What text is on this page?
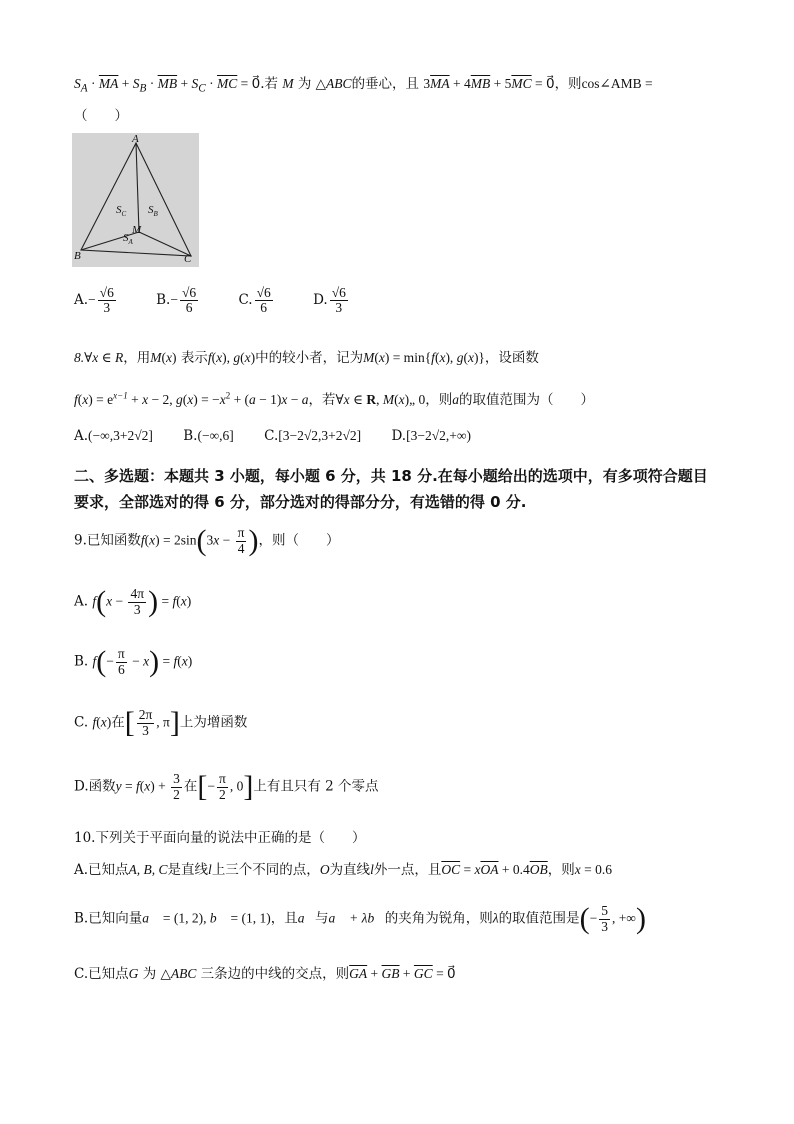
$S_A \cdot \overline{MA} + S_B \cdot \overline{MB} + S_C \cdot \overline{MC}$ = 0⃗.若 M 为 △ABC的垂心，且 $3\overline{MA} + 4\overline{MB} + 5\overline{MC}$ = 0⃗，则cos∠AMB =
（　　）
A
B	C
M
$S_C$ $S_B$
$S_A$
$A.- \frac{√6}{3}$	$B.- \frac{√6}{6}$	C. $\frac{√6}{6}$	D. $\frac{√6}{3}$
8.∀x ∈ R，用M(x) 表示f(x), g(x)中的较小者，记为M(x) = min{f(x), g(x)}，设函数
$f(x) = e^{x-1} + x - 2$, $g(x) = -x^2 + (a - 1)x - a$，若∀x ∈ R, M(x)„ 0，则a的取值范围为（　　）
A.(−∞,3+2√2] B.(−∞,6] C.[3−2√2,3+2√2] D.[3−2√2,+∞)
二、多选题：本题共 3 小题，每小题 6 分，共 18 分.在每小题给出的选项中，有多项符合题目
要求，全部选对的得 6 分，部分选对的得部分分，有选错的得 0 分.
9.已知函数$f(x) = 2\sin(3x - \frac{\pi}{4}$ )，则（　　）
A. $f(x - \frac{4\pi}{3}$ ) = f(x)
B. $f(- \frac{\pi}{6} - x) = f(x)$
C. f(x)在[ $\frac{2\pi}{3}$ , π]上为增函数
D.函数$y = f(x) + \frac{3}{2}$ 在[− $\frac{\pi}{2}$ , 0]上有且只有 2 个零点
10.下列关于平面向量的说法中正确的是（　　）
A.已知点A, B, C是直线l上三个不同的点，O为直线l外一点，且$\overline{OC} = x\overline{OA} + 0.4\overline{OB}$，则x = 0.6
B.已知向量a⃗ = (1, 2), b⃗ = (1, 1)，且a⃗与a⃗ + λb⃗的夹角为锐角，则λ的取值范围是(− $\frac{5}{3}$ , +∞)
C.已知点G 为 △ABC 三条边的中线的交点，则$\overline{GA} + \overline{GB} + \overline{GC}$ = 0⃗
